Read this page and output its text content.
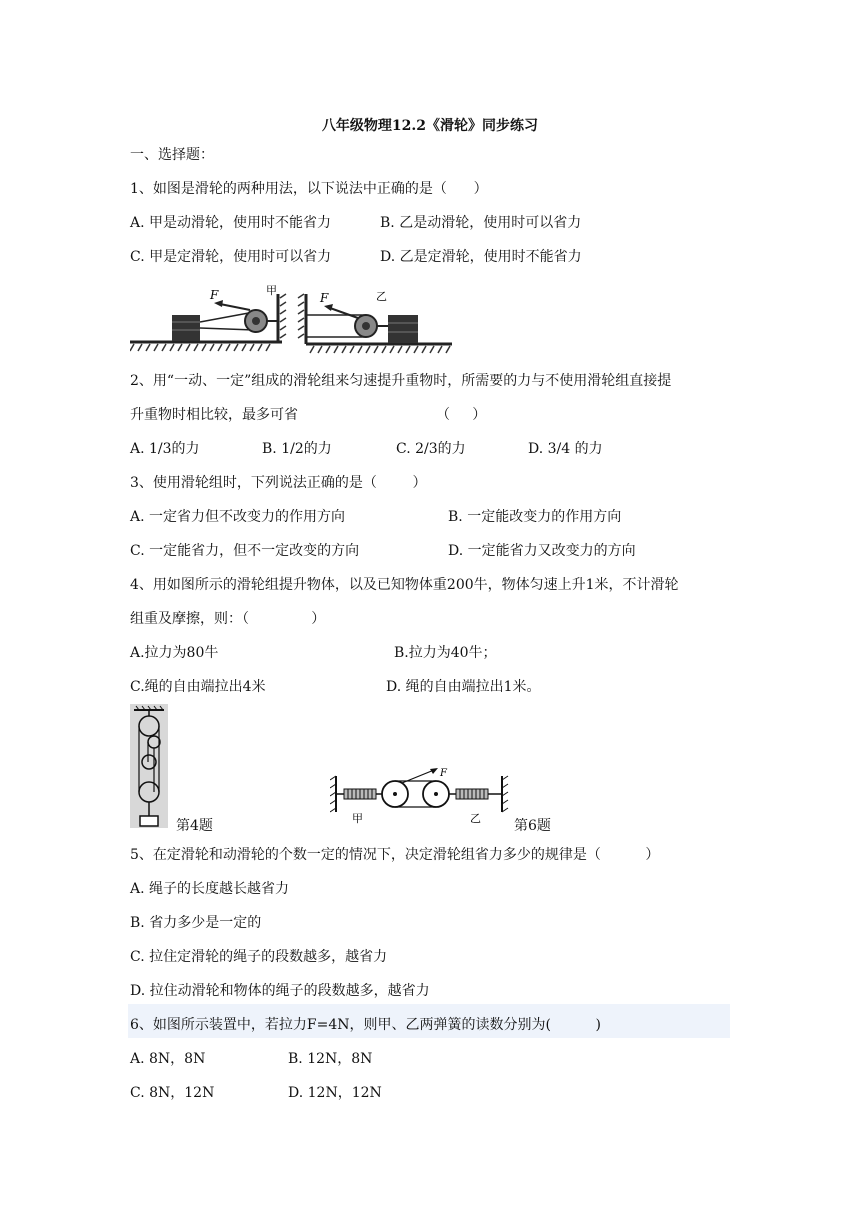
八年级物理12.2《滑轮》同步练习
一、选择题：
1、如图是滑轮的两种用法，以下说法中正确的是（      ）
A. 甲是动滑轮，使用时不能省力	B. 乙是动滑轮，使用时可以省力
C. 甲是定滑轮，使用时可以省力	D. 乙是定滑轮，使用时不能省力
F	甲
F	乙
2、用“一动、一定”组成的滑轮组来匀速提升重物时，所需要的力与不使用滑轮组直接提
升重物时相比较，最多可省                               （     ）
A. 1/3的力	B. 1/2的力	C. 2/3的力	D. 3/4 的力
3、使用滑轮组时，下列说法正确的是（        ）
A. 一定省力但不改变力的作用方向	B. 一定能改变力的作用方向
C. 一定能省力，但不一定改变的方向	D. 一定能省力又改变力的方向
4、用如图所示的滑轮组提升物体，以及已知物体重200牛，物体匀速上升1米，不计滑轮
组重及摩擦，则：（              ）
A.拉力为80牛	B.拉力为40牛；
C.绳的自由端拉出4米	D. 绳的自由端拉出1米。
第4题
F
甲	乙 第6题
5、在定滑轮和动滑轮的个数一定的情况下，决定滑轮组省力多少的规律是（          ）
A. 绳子的长度越长越省力
B. 省力多少是一定的
C. 拉住定滑轮的绳子的段数越多，越省力
D. 拉住动滑轮和物体的绳子的段数越多，越省力
6、如图所示装置中，若拉力F=4N，则甲、乙两弹簧的读数分别为(          )
A. 8N，8N	B. 12N，8N
C. 8N，12N	D. 12N，12N
